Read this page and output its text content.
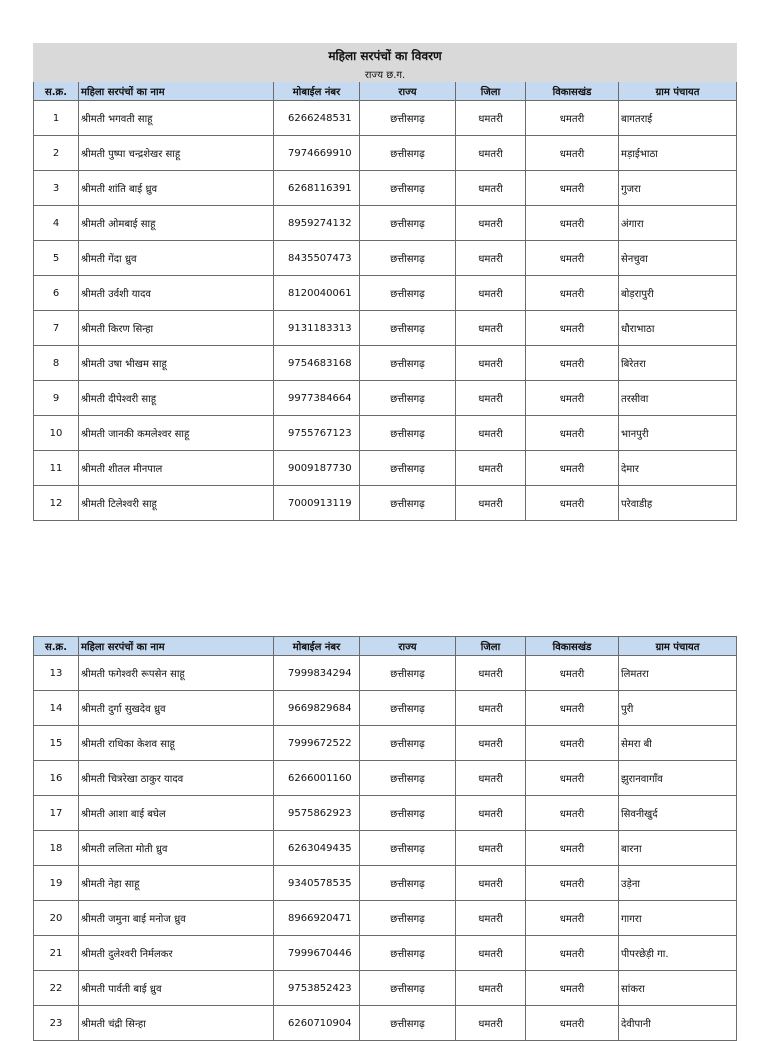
महिला सरपंचों का विवरण						
राज्य छ.ग.						
स.क्र.	महिला सरपंचों का नाम	मोबाईल नंबर	राज्य	जिला	विकासखंड	ग्राम पंचायत
1	श्रीमती भगवती साहू	6266248531	छत्तीसगढ़	धमतरी	धमतरी	बागतराई
2	श्रीमती पुष्पा चन्द्रशेखर साहू	7974669910	छत्तीसगढ़	धमतरी	धमतरी	मड़ाईभाठा
3	श्रीमती शांति बाई ध्रुव	6268116391	छत्तीसगढ़	धमतरी	धमतरी	गुजरा
4	श्रीमती ओमबाई साहू	8959274132	छत्तीसगढ़	धमतरी	धमतरी	अंगारा
5	श्रीमती गेंदा ध्रुव	8435507473	छत्तीसगढ़	धमतरी	धमतरी	सेनचुवा
6	श्रीमती उर्वशी यादव	8120040061	छत्तीसगढ़	धमतरी	धमतरी	बोड़रापुरी
7	श्रीमती किरण सिन्हा	9131183313	छत्तीसगढ़	धमतरी	धमतरी	धौराभाठा
8	श्रीमती उषा भीखम साहू	9754683168	छत्तीसगढ़	धमतरी	धमतरी	बिरेतरा
9	श्रीमती दीपेश्वरी साहू	9977384664	छत्तीसगढ़	धमतरी	धमतरी	तरसीवा
10	श्रीमती जानकी कमलेश्वर साहू	9755767123	छत्तीसगढ़	धमतरी	धमतरी	भानपुरी
11	श्रीमती शीतल मीनपाल	9009187730	छत्तीसगढ़	धमतरी	धमतरी	देमार
12	श्रीमती टिलेश्वरी साहू	7000913119	छत्तीसगढ़	धमतरी	धमतरी	परेवाडीह
स.क्र.	महिला सरपंचों का नाम	मोबाईल नंबर	राज्य	जिला	विकासखंड	ग्राम पंचायत
13	श्रीमती फगेश्वरी रूपसेन साहू	7999834294	छत्तीसगढ़	धमतरी	धमतरी	लिमतरा
14	श्रीमती दुर्गा सुखदेव ध्रुव	9669829684	छत्तीसगढ़	धमतरी	धमतरी	पुरी
15	श्रीमती राधिका केशव साहू	7999672522	छत्तीसगढ़	धमतरी	धमतरी	सेमरा बी
16	श्रीमती चित्ररेखा ठाकुर यादव	6266001160	छत्तीसगढ़	धमतरी	धमतरी	झुरानवागाँव
17	श्रीमती आशा बाई बघेल	9575862923	छत्तीसगढ़	धमतरी	धमतरी	सिवनीखुर्द
18	श्रीमती ललिता मोती ध्रुव	6263049435	छत्तीसगढ़	धमतरी	धमतरी	बारना
19	श्रीमती नेहा साहू	9340578535	छत्तीसगढ़	धमतरी	धमतरी	उड़ेना
20	श्रीमती जमुना बाई मनोज ध्रुव	8966920471	छत्तीसगढ़	धमतरी	धमतरी	गागरा
21	श्रीमती दुलेश्वरी निर्मलकर	7999670446	छत्तीसगढ़	धमतरी	धमतरी	पीपरछेड़ी गा.
22	श्रीमती पार्वती बाई ध्रुव	9753852423	छत्तीसगढ़	धमतरी	धमतरी	सांकरा
23	श्रीमती चंद्री सिन्हा	6260710904	छत्तीसगढ़	धमतरी	धमतरी	देवीपानी
